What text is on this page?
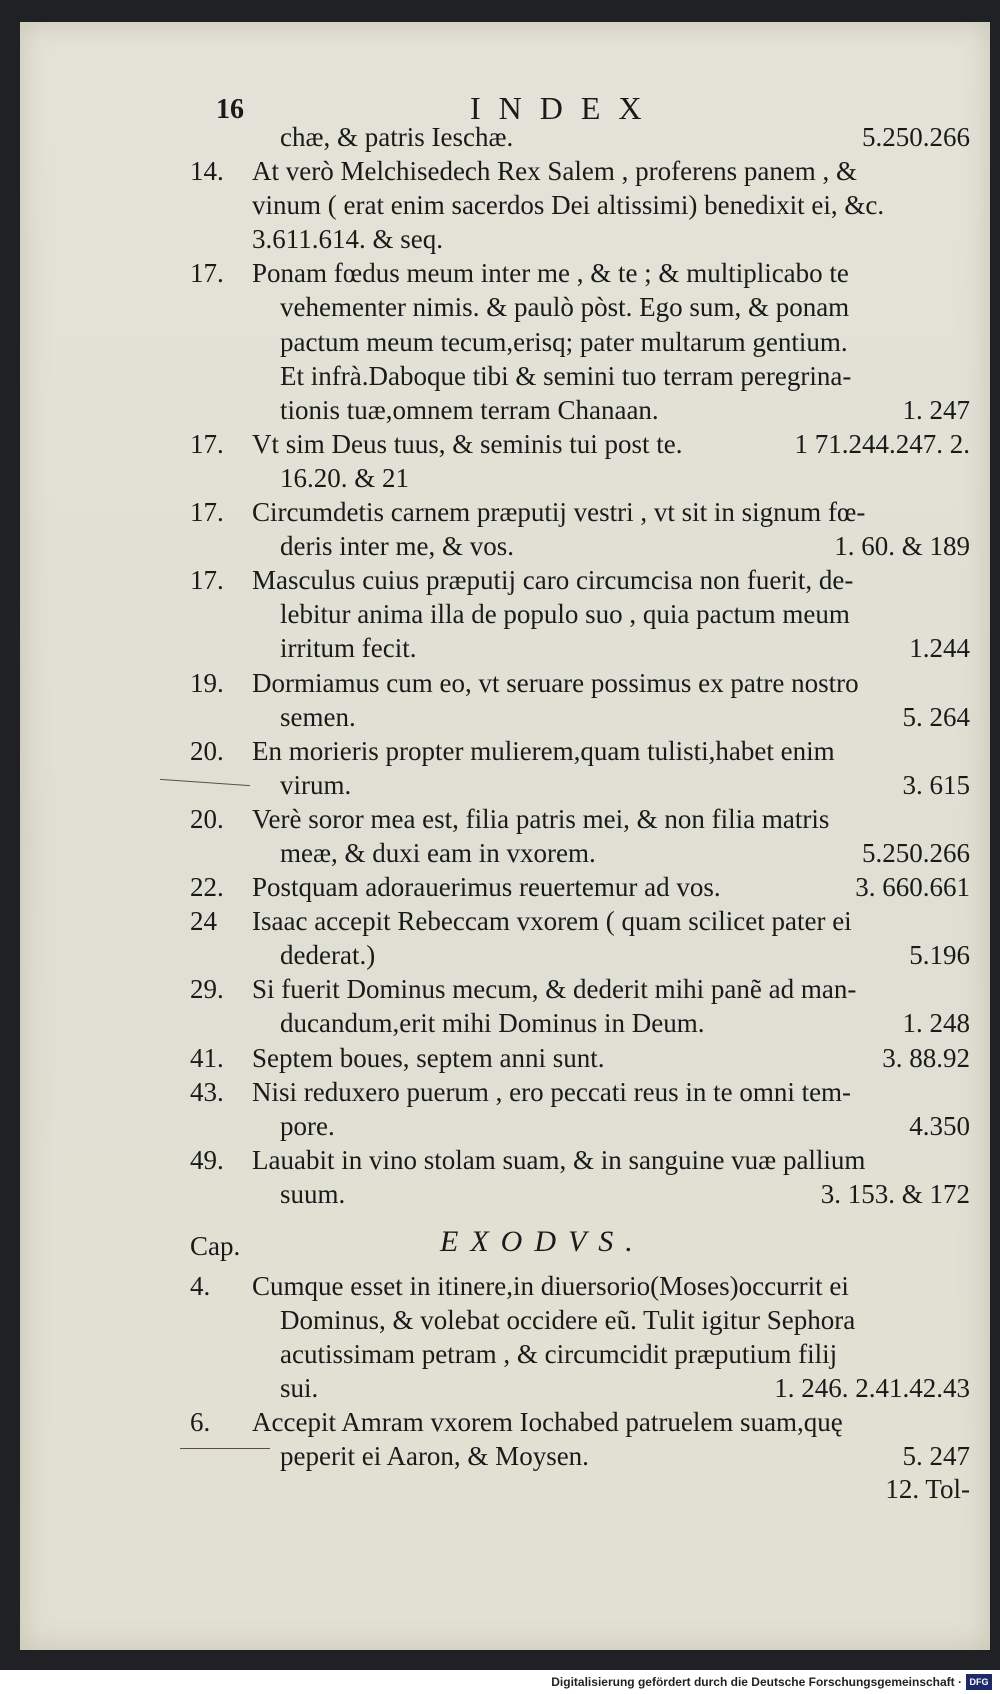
16	INDEX
chæ, & patris Ieschæ.	5.250.266
14.	At verò Melchisedech Rex Salem , proferens panem , &
vinum ( erat enim sacerdos Dei altissimi) benedixit ei, &c.
3.611.614. & seq.
17.	Ponam fœdus meum inter me , & te ; & multiplicabo te
vehementer nimis. & paulò pòst. Ego sum, & ponam
pactum meum tecum,erisq; pater multarum gentium.
Et infrà.Daboque tibi & semini tuo terram peregrina-
tionis tuæ,omnem terram Chanaan.	1. 247
17.	Vt sim Deus tuus, & seminis tui post te.	1 71.244.247. 2.
16.20. & 21
17.	Circumdetis carnem præputij vestri , vt sit in signum fœ-
deris inter me, & vos.	1. 60. & 189
17.	Masculus cuius præputij caro circumcisa non fuerit, de-
lebitur anima illa de populo suo , quia pactum meum
irritum fecit.	1.244
19.	Dormiamus cum eo, vt seruare possimus ex patre nostro
semen.	5. 264
20.	En morieris propter mulierem,quam tulisti,habet enim
virum.	3. 615
20.	Verè soror mea est, filia patris mei, & non filia matris
meæ, & duxi eam in vxorem.	5.250.266
22.	Postquam adorauerimus reuertemur ad vos.	3. 660.661
24	Isaac accepit Rebeccam vxorem ( quam scilicet pater ei
dederat.)	5.196
29.	Si fuerit Dominus mecum, & dederit mihi panẽ ad man-
ducandum,erit mihi Dominus in Deum.	1. 248
41.	Septem boues, septem anni sunt.	3. 88.92
43.	Nisi reduxero puerum , ero peccati reus in te omni tem-
pore.	4.350
49.	Lauabit in vino stolam suam, & in sanguine vuæ pallium
suum.	3. 153. & 172
Cap.	EXODVS.
4.	Cumque esset in itinere,in diuersorio(Moses)occurrit ei
Dominus, & volebat occidere eũ. Tulit igitur Sephora
acutissimam petram , & circumcidit præputium filij
sui.	1. 246. 2.41.42.43
6.	Accepit Amram vxorem Iochabed patruelem suam,quę
peperit ei Aaron, & Moysen.	5. 247
12. Tol-
Digitalisierung gefördert durch die Deutsche Forschungsgemeinschaft · DFG
